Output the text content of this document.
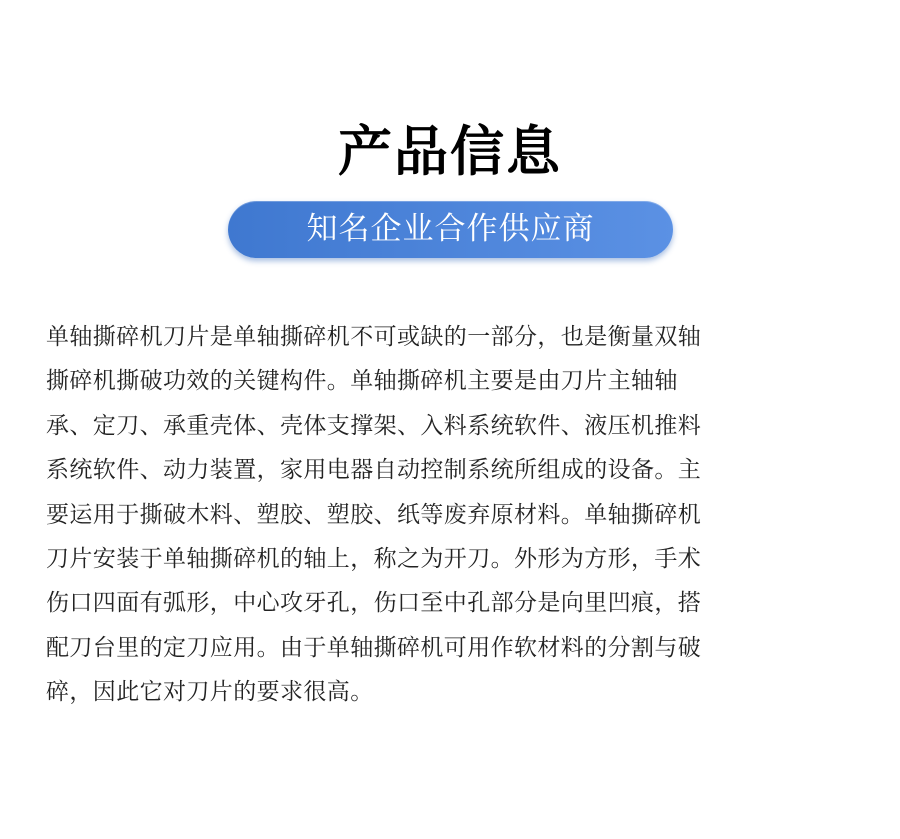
产品信息
知名企业合作供应商
单轴撕碎机刀片是单轴撕碎机不可或缺的一部分，也是衡量双轴
撕碎机撕破功效的关键构件。单轴撕碎机主要是由刀片主轴轴
承、定刀、承重壳体、壳体支撑架、入料系统软件、液压机推料
系统软件、动力装置，家用电器自动控制系统所组成的设备。主
要运用于撕破木料、塑胶、塑胶、纸等废弃原材料。单轴撕碎机
刀片安装于单轴撕碎机的轴上，称之为开刀。外形为方形，手术
伤口四面有弧形，中心攻牙孔，伤口至中孔部分是向里凹痕，搭
配刀台里的定刀应用。由于单轴撕碎机可用作软材料的分割与破
碎，因此它对刀片的要求很高。
